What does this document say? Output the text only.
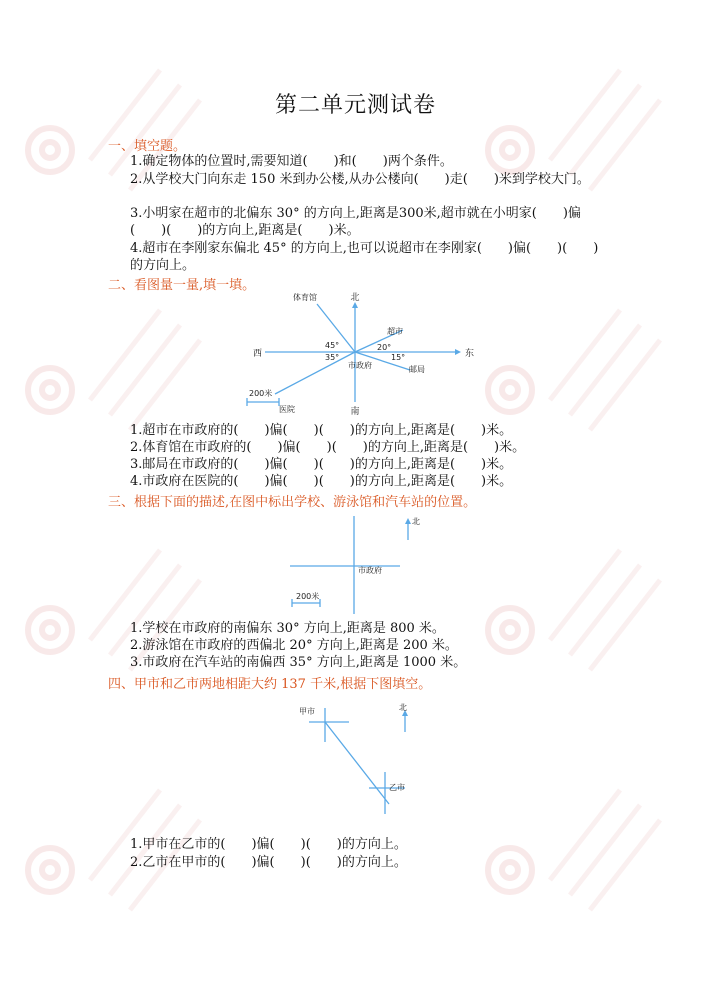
第二单元测试卷
一、填空题。
1.确定物体的位置时,需要知道(　　)和(　　)两个条件。
2.从学校大门向东走 150 米到办公楼,从办公楼向(　　)走(　　)米到学校大门。
3.小明家在超市的北偏东 30° 的方向上,距离是300米,超市就在小明家(　　)偏(　　)(　　)的方向上,距离是(　　)米。
4.超市在李刚家东偏北 45° 的方向上,也可以说超市在李刚家(　　)偏(　　)(　　)的方向上。
二、看图量一量,填一填。
北
南
东
西
市政府
体育馆
超市
邮局
医院
45°	20°
15°
35°
200米
1.超市在市政府的(　　)偏(　　)(　　)的方向上,距离是(　　)米。
2.体育馆在市政府的(　　)偏(　　)(　　)的方向上,距离是(　　)米。
3.邮局在市政府的(　　)偏(　　)(　　)的方向上,距离是(　　)米。
4.市政府在医院的(　　)偏(　　)(　　)的方向上,距离是(　　)米。
三、根据下面的描述,在图中标出学校、游泳馆和汽车站的位置。
北
市政府
200米
1.学校在市政府的南偏东 30° 方向上,距离是 800 米。
2.游泳馆在市政府的西偏北 20° 方向上,距离是 200 米。
3.市政府在汽车站的南偏西 35° 方向上,距离是 1000 米。
四、甲市和乙市两地相距大约 137 千米,根据下图填空。
甲市
乙市
北
1.甲市在乙市的(　　)偏(　　)(　　)的方向上。
2.乙市在甲市的(　　)偏(　　)(　　)的方向上。
